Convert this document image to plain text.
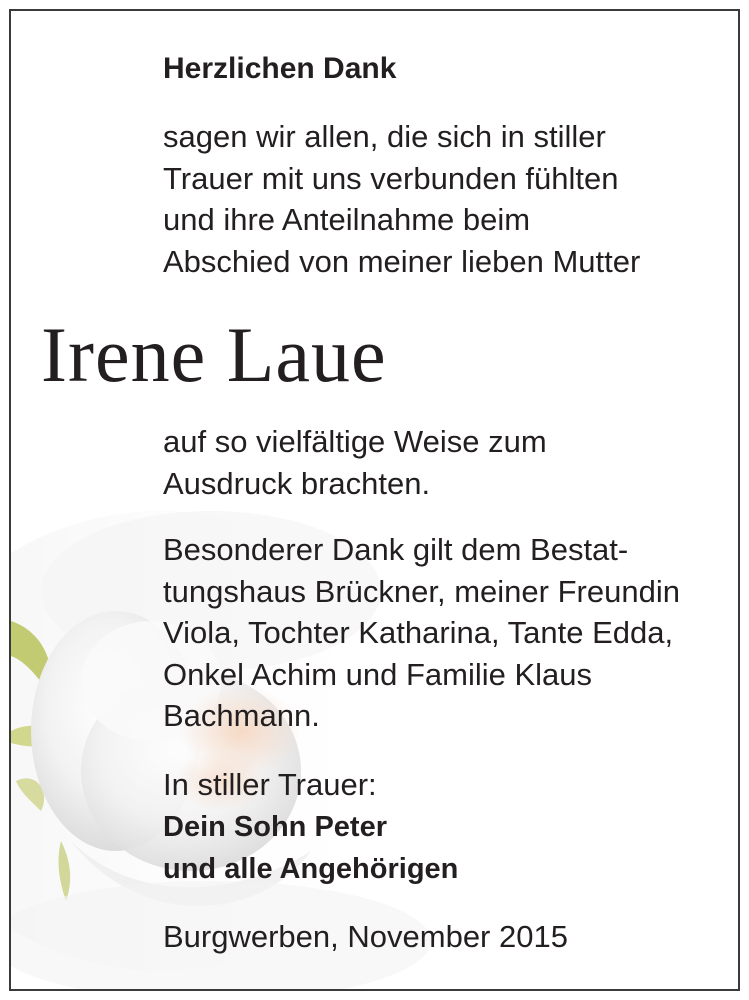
Herzlichen Dank
sagen wir allen, die sich in stiller
Trauer mit uns verbunden fühlten
und ihre Anteilnahme beim
Abschied von meiner lieben Mutter
Irene Laue
auf so vielfältige Weise zum
Ausdruck brachten.
Besonderer Dank gilt dem Bestat-
tungshaus Brückner, meiner Freundin
Viola, Tochter Katharina, Tante Edda,
Onkel Achim und Familie Klaus
Bachmann.
In stiller Trauer:
Dein Sohn Peter
und alle Angehörigen
Burgwerben, November 2015
